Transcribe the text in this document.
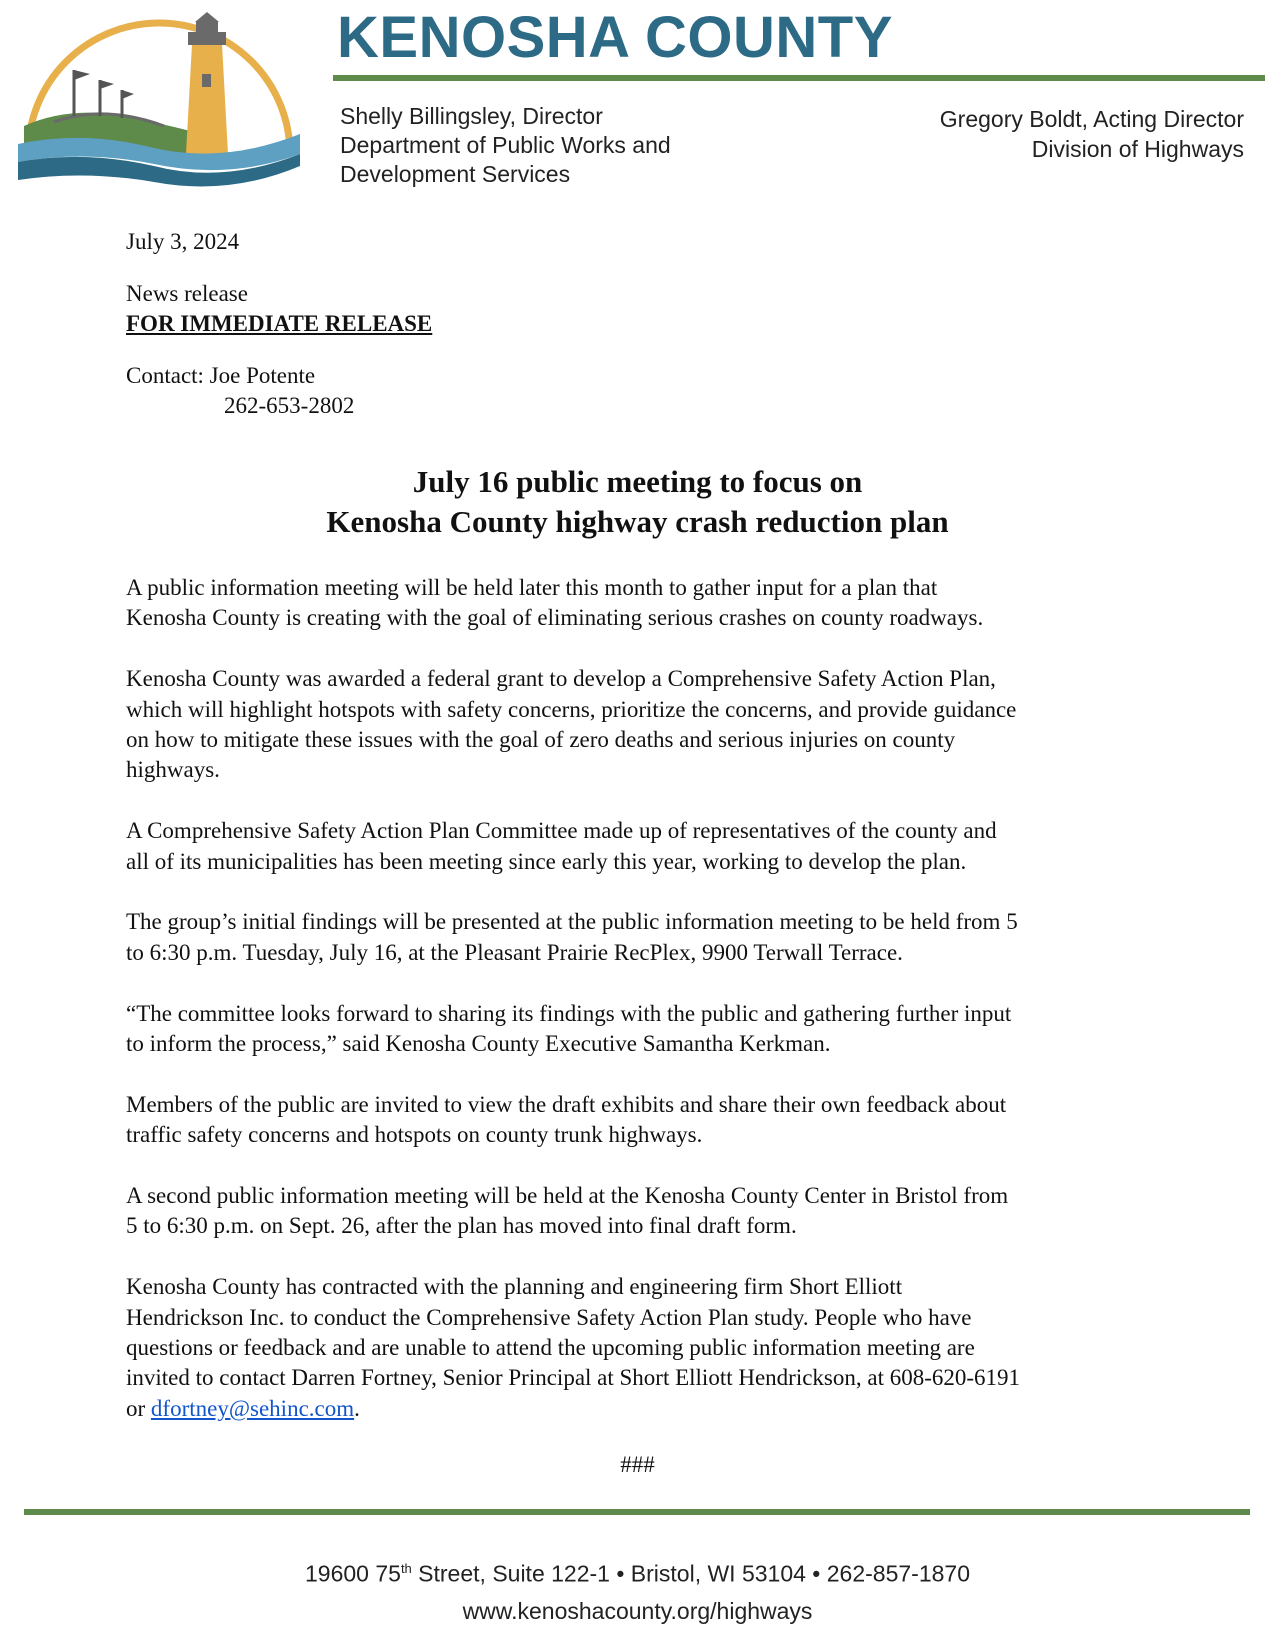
KENOSHA COUNTY
Shelly Billingsley, Director
Department of Public Works and
Development Services
Gregory Boldt, Acting Director
Division of Highways
July 3, 2024
News release
FOR IMMEDIATE RELEASE
Contact: Joe Potente
262-653-2802
July 16 public meeting to focus on
Kenosha County highway crash reduction plan

A public information meeting will be held later this month to gather input for a plan that
Kenosha County is creating with the goal of eliminating serious crashes on county roadways.

Kenosha County was awarded a federal grant to develop a Comprehensive Safety Action Plan,
which will highlight hotspots with safety concerns, prioritize the concerns, and provide guidance
on how to mitigate these issues with the goal of zero deaths and serious injuries on county
highways.

A Comprehensive Safety Action Plan Committee made up of representatives of the county and
all of its municipalities has been meeting since early this year, working to develop the plan.

The group’s initial findings will be presented at the public information meeting to be held from 5
to 6:30 p.m. Tuesday, July 16, at the Pleasant Prairie RecPlex, 9900 Terwall Terrace.

“The committee looks forward to sharing its findings with the public and gathering further input
to inform the process,” said Kenosha County Executive Samantha Kerkman.

Members of the public are invited to view the draft exhibits and share their own feedback about
traffic safety concerns and hotspots on county trunk highways.

A second public information meeting will be held at the Kenosha County Center in Bristol from
5 to 6:30 p.m. on Sept. 26, after the plan has moved into final draft form.

Kenosha County has contracted with the planning and engineering firm Short Elliott
Hendrickson Inc. to conduct the Comprehensive Safety Action Plan study. People who have
questions or feedback and are unable to attend the upcoming public information meeting are
invited to contact Darren Fortney, Senior Principal at Short Elliott Hendrickson, at 608-620-6191
or dfortney@sehinc.com.

###
19600 75th Street, Suite 122-1 • Bristol, WI 53104 • 262-857-1870
www.kenoshacounty.org/highways
